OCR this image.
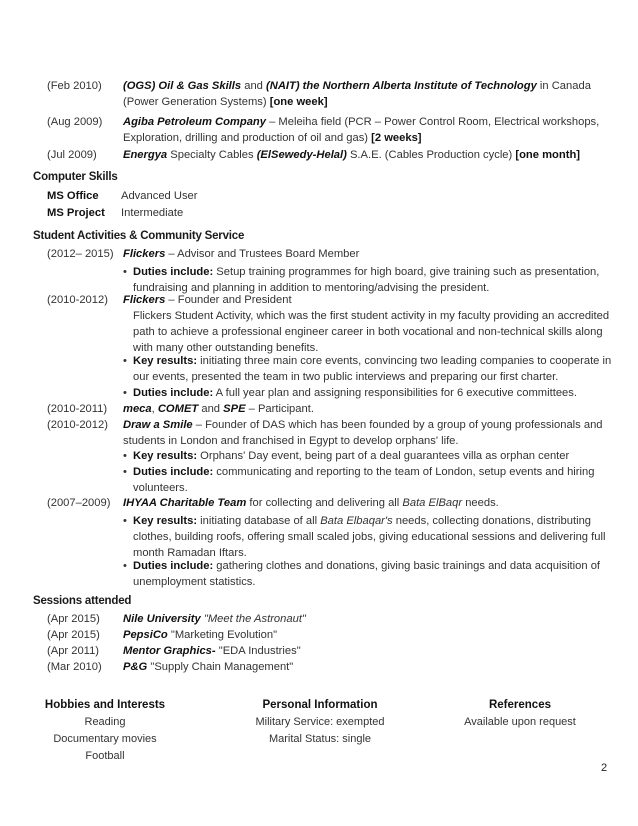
(Feb 2010) (OGS) Oil & Gas Skills and (NAIT) the Northern Alberta Institute of Technology in Canada (Power Generation Systems) [one week]
(Aug 2009) Agiba Petroleum Company – Meleiha field (PCR – Power Control Room, Electrical workshops, Exploration, drilling and production of oil and gas) [2 weeks]
(Jul 2009) Energya Specialty Cables (ElSewedy-Helal) S.A.E. (Cables Production cycle) [one month]
Computer Skills
MS Office Advanced User
MS Project Intermediate
Student Activities & Community Service
(2012– 2015) Flickers – Advisor and Trustees Board Member
• Duties include: Setup training programmes for high board, give training such as presentation, fundraising and planning in addition to mentoring/advising the president.
(2010-2012) Flickers – Founder and President
Flickers Student Activity, which was the first student activity in my faculty providing an accredited path to achieve a professional engineer career in both vocational and non-technical skills along with many other outstanding benefits.
• Key results: initiating three main core events, convincing two leading companies to cooperate in our events, presented the team in two public interviews and preparing our first charter.
• Duties include: A full year plan and assigning responsibilities for 6 executive committees.
(2010-2011) meca, COMET and SPE – Participant.
(2010-2012) Draw a Smile – Founder of DAS which has been founded by a group of young professionals and students in London and franchised in Egypt to develop orphans' life.
• Key results: Orphans' Day event, being part of a deal guarantees villa as orphan center
• Duties include: communicating and reporting to the team of London, setup events and hiring volunteers.
(2007–2009) IHYAA Charitable Team for collecting and delivering all Bata ElBaqr needs.
• Key results: initiating database of all Bata Elbaqar's needs, collecting donations, distributing clothes, building roofs, offering small scaled jobs, giving educational sessions and delivering full month Ramadan Iftars.
• Duties include: gathering clothes and donations, giving basic trainings and data acquisition of unemployment statistics.
Sessions attended
(Apr 2015) Nile University "Meet the Astronaut"
(Apr 2015) PepsiCo "Marketing Evolution"
(Apr 2011) Mentor Graphics- "EDA Industries"
(Mar 2010) P&G "Supply Chain Management"
Hobbies and Interests
Reading
Documentary movies
Football
Personal Information
Military Service: exempted
Marital Status: single
References
Available upon request
2
